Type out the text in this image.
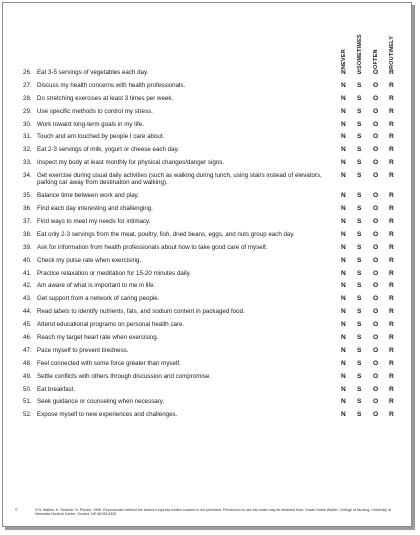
NEVER SOMETIMES OFTEN ROUTINELY
26. Eat 3-5 servings of vegetables each day.	N	S	O	R
27. Discuss my health concerns with health professionals.	N	S	O	R
28. Do stretching exercises at least 3 times per week.	N	S	O	R
29. Use specific methods to control my stress.	N	S	O	R
30. Work toward long-term goals in my life.	N	S	O	R
31. Touch and am touched by people I care about.	N	S	O	R
32. Eat 2-3 servings of milk, yogurt or cheese each day.	N	S	O	R
33. Inspect my body at least monthly for physical changes/danger signs.	N	S	O	R
34. Get exercise during usual daily activities (such as walking during lunch, using stairs instead of elevators, parking car away from destination and walking).
N	S	O	R
35. Balance time between work and play.	N	S	O	R
36. Find each day interesting and challenging.	N	S	O	R
37. Find ways to meet my needs for intimacy.	N	S	O	R
38. Eat only 2-3 servings from the meat, poultry, fish, dried beans, eggs, and nuts group each day.	N	S	O	R
39. Ask for information from health professionals about how to take good care of myself.	N	S	O	R
40. Check my pulse rate when exercising.	N	S	O	R
41. Practice relaxation or meditation for 15-20 minutes daily.	N	S	O	R
42. Am aware of what is important to me in life.	N	S	O	R
43. Get support from a network of caring people.	N	S	O	R
44. Read labels to identify nutrients, fats, and sodium content in packaged food.	N	S	O	R
45. Attend educational programs on personal health care.	N	S	O	R
46. Reach my target heart rate when exercising.	N	S	O	R
47. Pace myself to prevent tiredness.	N	S	O	R
48. Feel connected with some force greater than myself.	N	S	O	R
49. Settle conflicts with others through discussion and compromise.	N	S	O	R
50. Eat breakfast.	N	S	O	R
51. Seek guidance or counseling when necessary.	N	S	O	R
52. Expose myself to new experiences and challenges.	N	S	O	R
©	S.N. Walker, K. Sechrist, N. Pender, 1995. Reproduction without the author's express written consent is not permitted. Permission to use this scale may be obtained from: Susan Noble Walker, College of Nursing, University of Nebraska Medical Center, Omaha, NE 68198-5330.
